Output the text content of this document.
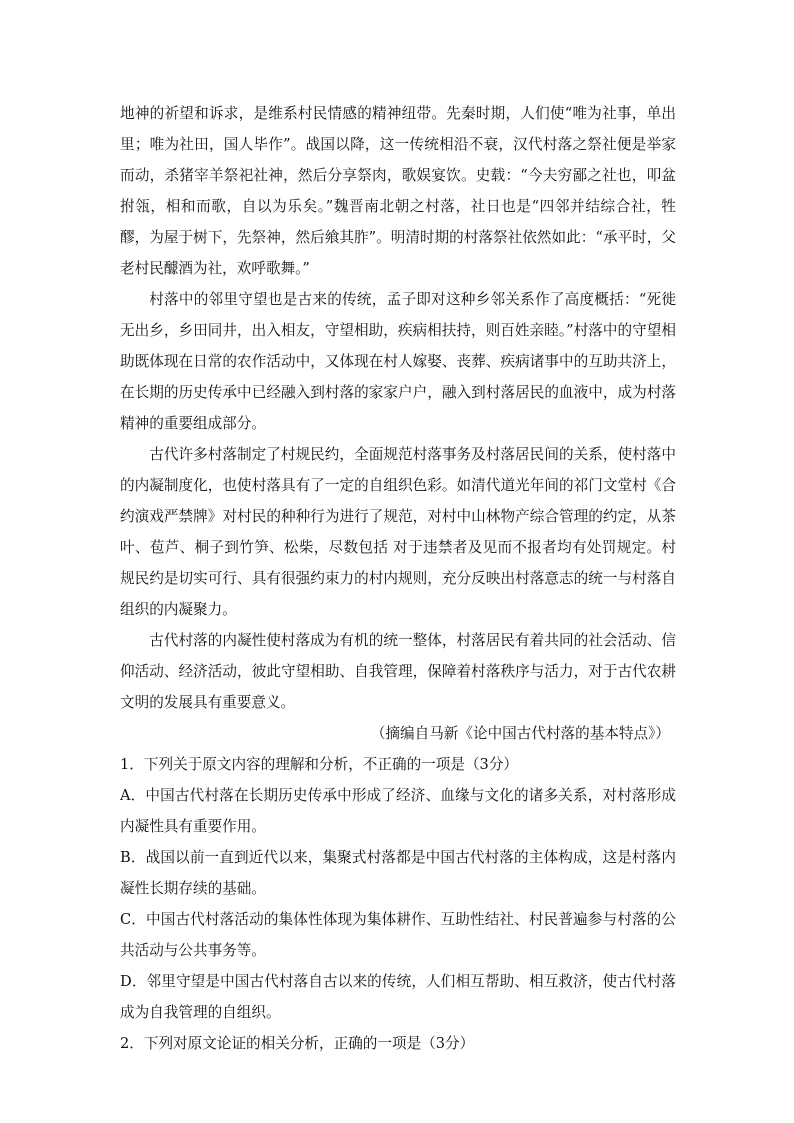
地神的祈望和诉求，是维系村民情感的精神纽带。先秦时期，人们使“唯为社事，单出里；唯为社田，国人毕作”。战国以降，这一传统相沿不衰，汉代村落之祭社便是举家而动，杀猪宰羊祭祀社神，然后分享祭肉，歌娱宴饮。史载：“今夫穷鄙之社也，叩盆拊瓴，相和而歌，自以为乐矣。”魏晋南北朝之村落，社日也是“四邻并结综合社，牲醪，为屋于树下，先祭神，然后飨其胙”。明清时期的村落祭社依然如此：“承平时，父老村民醵酒为社，欢呼歌舞。”

村落中的邻里守望也是古来的传统，孟子即对这种乡邻关系作了高度概括：“死徙无出乡，乡田同井，出入相友，守望相助，疾病相扶持，则百姓亲睦。”村落中的守望相助既体现在日常的农作活动中，又体现在村人嫁娶、丧葬、疾病诸事中的互助共济上，在长期的历史传承中已经融入到村落的家家户户，融入到村落居民的血液中，成为村落精神的重要组成部分。

古代许多村落制定了村规民约，全面规范村落事务及村落居民间的关系，使村落中的内凝制度化，也使村落具有了一定的自组织色彩。如清代道光年间的祁门文堂村《合约演戏严禁牌》对村民的种种行为进行了规范，对村中山林物产综合管理的约定，从茶叶、苞芦、桐子到竹笋、松柴，尽数包括 对于违禁者及见而不报者均有处罚规定。村规民约是切实可行、具有很强约束力的村内规则，充分反映出村落意志的统一与村落自组织的内凝聚力。

古代村落的内凝性使村落成为有机的统一整体，村落居民有着共同的社会活动、信仰活动、经济活动，彼此守望相助、自我管理，保障着村落秩序与活力，对于古代农耕文明的发展具有重要意义。

（摘编自马新《论中国古代村落的基本特点》）

1．下列关于原文内容的理解和分析，不正确的一项是（3分）

A．中国古代村落在长期历史传承中形成了经济、血缘与文化的诸多关系，对村落形成内凝性具有重要作用。

B．战国以前一直到近代以来，集聚式村落都是中国古代村落的主体构成，这是村落内凝性长期存续的基础。

C．中国古代村落活动的集体性体现为集体耕作、互助性结社、村民普遍参与村落的公共活动与公共事务等。

D．邻里守望是中国古代村落自古以来的传统，人们相互帮助、相互救济，使古代村落成为自我管理的自组织。

2．下列对原文论证的相关分析，正确的一项是（3分）
